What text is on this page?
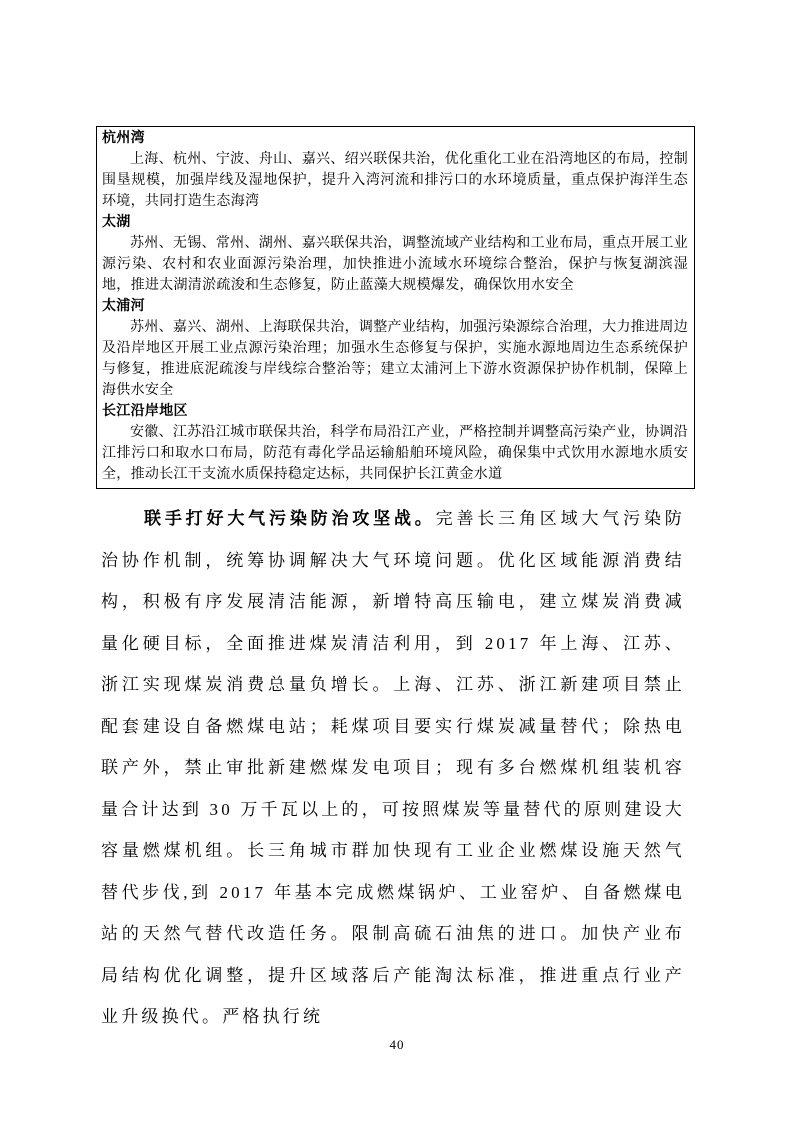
杭州湾
上海、杭州、宁波、舟山、嘉兴、绍兴联保共治，优化重化工业在沿湾地区的布局，控制围垦规模，加强岸线及湿地保护，提升入湾河流和排污口的水环境质量，重点保护海洋生态环境，共同打造生态海湾
太湖
苏州、无锡、常州、湖州、嘉兴联保共治，调整流域产业结构和工业布局，重点开展工业源污染、农村和农业面源污染治理，加快推进小流域水环境综合整治，保护与恢复湖滨湿地，推进太湖清淤疏浚和生态修复，防止蓝藻大规模爆发，确保饮用水安全
太浦河
苏州、嘉兴、湖州、上海联保共治，调整产业结构，加强污染源综合治理，大力推进周边及沿岸地区开展工业点源污染治理；加强水生态修复与保护，实施水源地周边生态系统保护与修复，推进底泥疏浚与岸线综合整治等；建立太浦河上下游水资源保护协作机制，保障上海供水安全
长江沿岸地区
安徽、江苏沿江城市联保共治，科学布局沿江产业，严格控制并调整高污染产业，协调沿江排污口和取水口布局，防范有毒化学品运输船舶环境风险，确保集中式饮用水源地水质安全，推动长江干支流水质保持稳定达标，共同保护长江黄金水道
联手打好大气污染防治攻坚战。完善长三角区域大气污染防治协作机制，统筹协调解决大气环境问题。优化区域能源消费结构，积极有序发展清洁能源，新增特高压输电，建立煤炭消费减量化硬目标，全面推进煤炭清洁利用，到 2017 年上海、江苏、浙江实现煤炭消费总量负增长。上海、江苏、浙江新建项目禁止配套建设自备燃煤电站；耗煤项目要实行煤炭减量替代；除热电联产外，禁止审批新建燃煤发电项目；现有多台燃煤机组装机容量合计达到 30 万千瓦以上的，可按照煤炭等量替代的原则建设大容量燃煤机组。长三角城市群加快现有工业企业燃煤设施天然气替代步伐,到 2017 年基本完成燃煤锅炉、工业窑炉、自备燃煤电站的天然气替代改造任务。限制高硫石油焦的进口。加快产业布局结构优化调整，提升区域落后产能淘汰标准，推进重点行业产业升级换代。严格执行统
40
